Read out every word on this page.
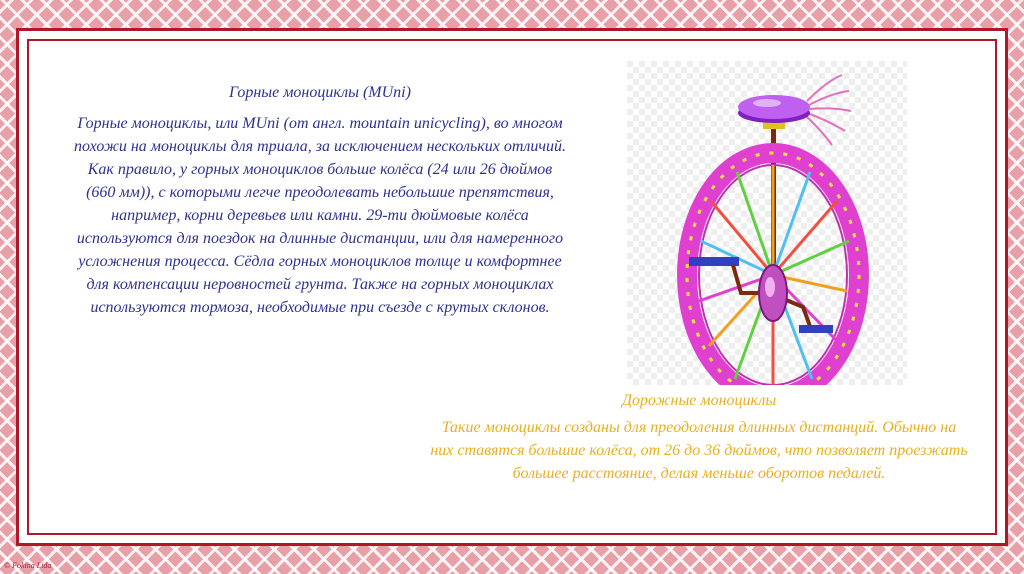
Горные моноциклы (MUni)

Горные моноциклы, или MUni (от англ. mountain unicycling), во многом похожи на моноциклы для триала, за исключением нескольких отличий. Как правило, у горных моноциклов больше колёса (24 или 26 дюймов (660 мм)), с которыми легче преодолевать небольшие препятствия, например, корни деревьев или камни. 29-ти дюймовые колёса используются для поездок на длинные дистанции, или для намеренного усложнения процесса. Сёдла горных моноциклов толще и комфортнее для компенсации неровностей грунта. Также на горных моноциклах используются тормоза, необходимые при съезде с крутых склонов.

Дорожные моноциклы

Такие моноциклы созданы для преодоления длинных дистанций. Обычно на них ставятся большие колёса, от 26 до 36 дюймов, что позволяет проезжать большее расстояние, делая меньше оборотов педалей.

© Fokina Lida
